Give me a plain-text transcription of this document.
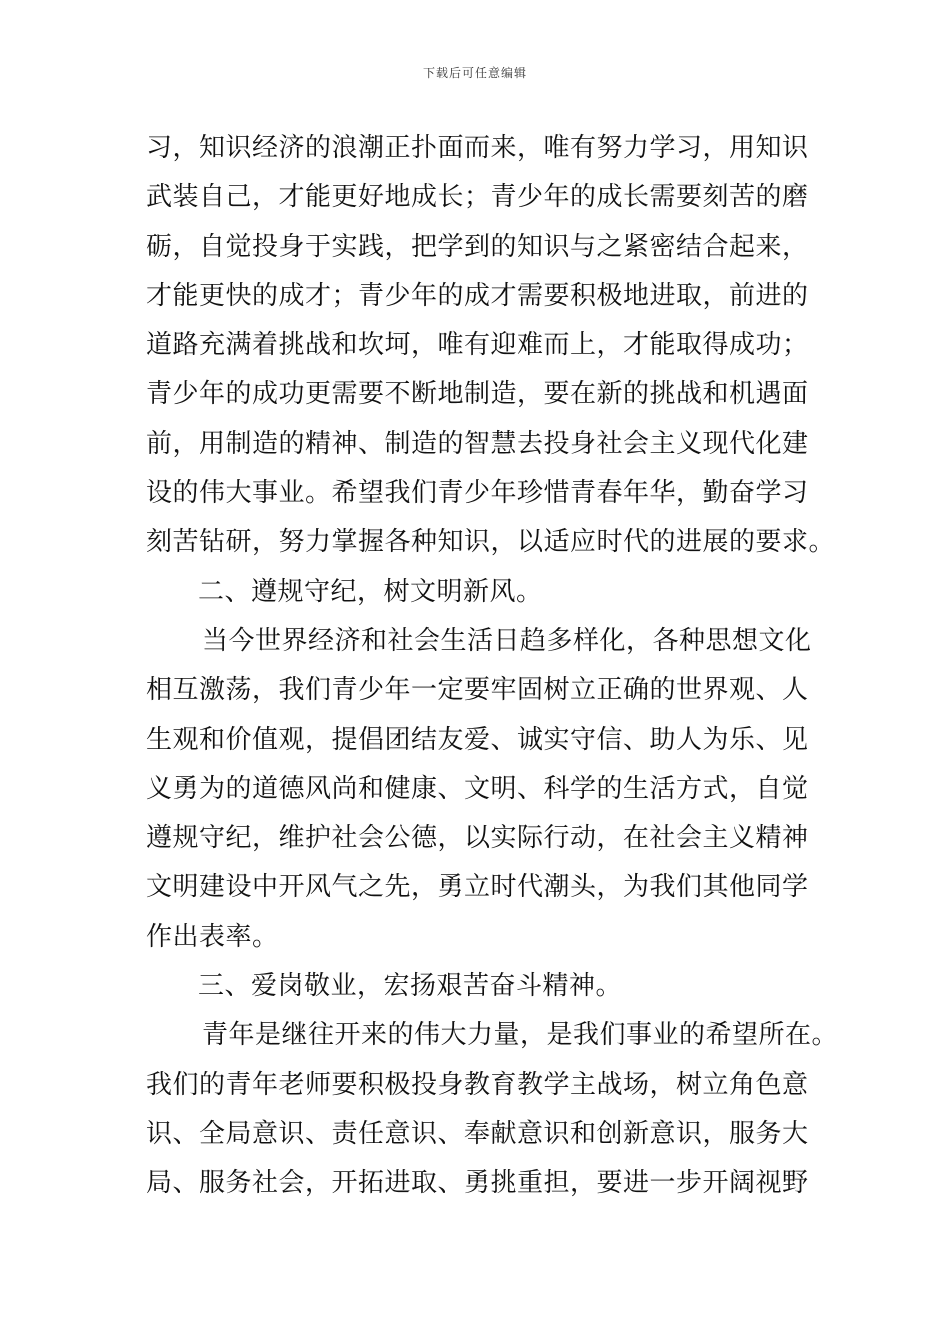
下载后可任意编辑
习，知识经济的浪潮正扑面而来，唯有努力学习，用知识
武装自己，才能更好地成长；青少年的成长需要刻苦的磨
砺，自觉投身于实践，把学到的知识与之紧密结合起来，
才能更快的成才；青少年的成才需要积极地进取，前进的
道路充满着挑战和坎坷，唯有迎难而上，才能取得成功；
青少年的成功更需要不断地制造，要在新的挑战和机遇面
前，用制造的精神、制造的智慧去投身社会主义现代化建
设的伟大事业。希望我们青少年珍惜青春年华，勤奋学习
刻苦钻研，努力掌握各种知识，以适应时代的进展的要求。
二、遵规守纪，树文明新风。
当今世界经济和社会生活日趋多样化，各种思想文化
相互激荡，我们青少年一定要牢固树立正确的世界观、人
生观和价值观，提倡团结友爱、诚实守信、助人为乐、见
义勇为的道德风尚和健康、文明、科学的生活方式，自觉
遵规守纪，维护社会公德，以实际行动，在社会主义精神
文明建设中开风气之先，勇立时代潮头，为我们其他同学
作出表率。
三、爱岗敬业，宏扬艰苦奋斗精神。
青年是继往开来的伟大力量，是我们事业的希望所在。
我们的青年老师要积极投身教育教学主战场，树立角色意
识、全局意识、责任意识、奉献意识和创新意识，服务大
局、服务社会，开拓进取、勇挑重担，要进一步开阔视野
